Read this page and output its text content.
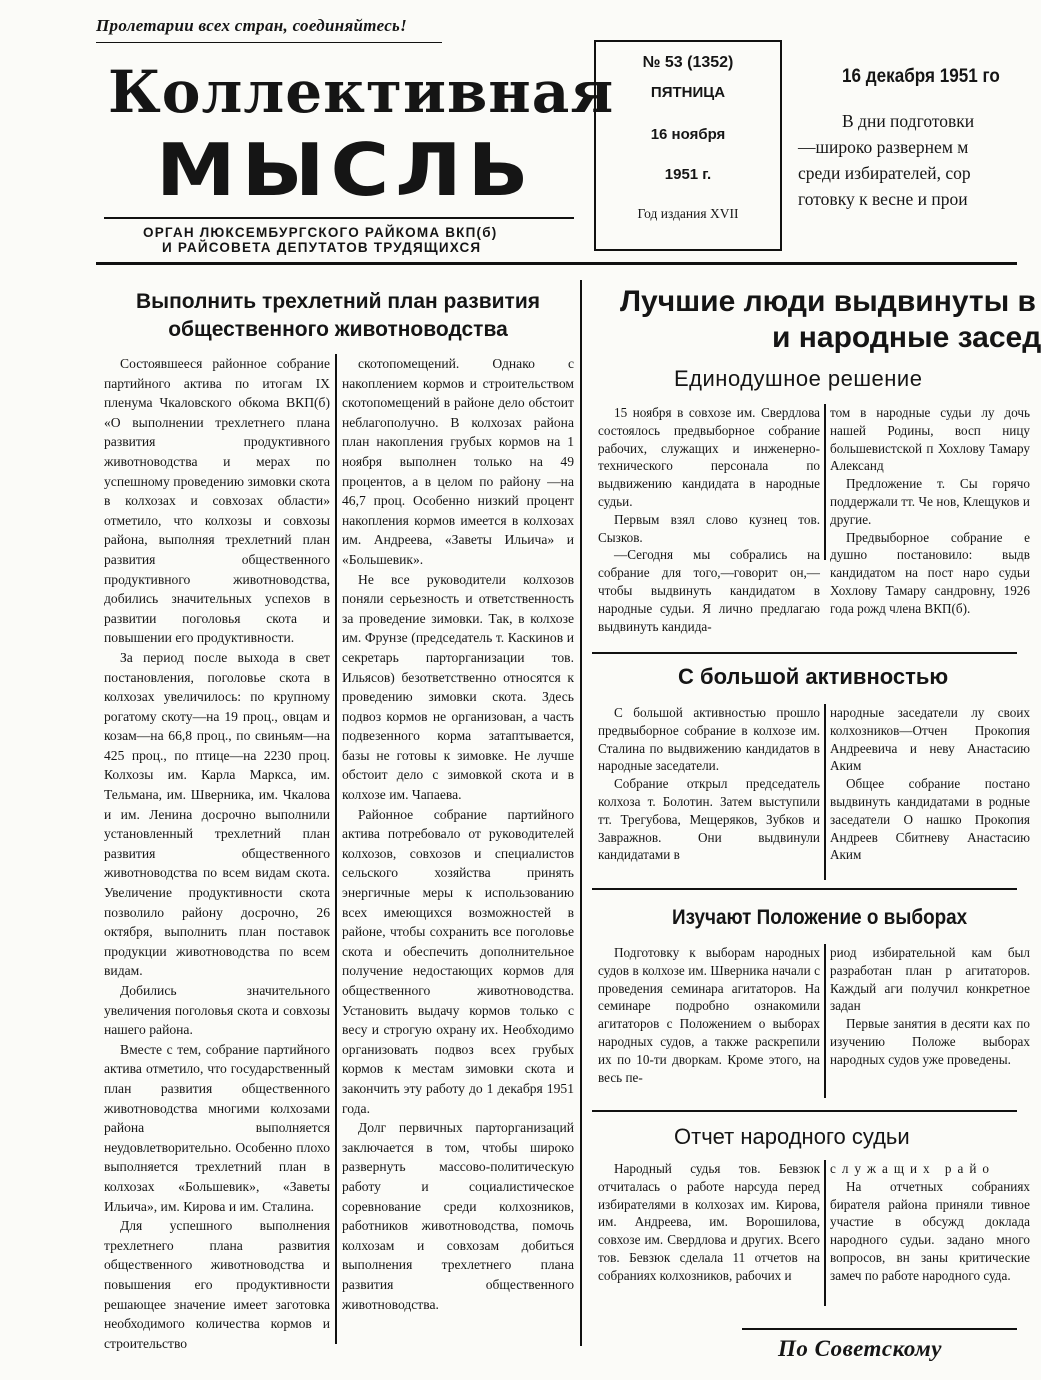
Пролетарии всех стран, соединяйтесь!
Коллективная
МЫСЛЬ
ОРГАН ЛЮКСЕМБУРГСКОГО РАЙКОМА ВКП(б)
И РАЙСОВЕТА ДЕПУТАТОВ ТРУДЯЩИХСЯ
№ 53 (1352)
ПЯТНИЦА
16 ноября
1951 г.
Год издания XVII
16 декабря 1951 го
В дни подготовки
—широко развернем м
среди избирателей, сор
готовку к весне и прои
Выполнить трехлетний план развития
общественного животноводства

Состоявшееся районное собрание партийного актива по итогам IX пленума Чкаловского обкома ВКП(б) «О выполнении трехлетнего плана развития продуктивного животноводства и мерах по успешному проведению зимовки скота в колхозах и совхозах области» отметило, что колхозы и совхозы района, выполняя трехлетний план развития общественного продуктивного животноводства, добились значительных успехов в развитии поголовья скота и повышении его продуктивности.

За период после выхода в свет постановления, поголовье скота в колхозах увеличилось: по крупному рогатому скоту—на 19 проц., овцам и козам—на 66,8 проц., по свиньям—на 425 проц., по птице—на 2230 проц. Колхозы им. Карла Маркса, им. Тельмана, им. Шверника, им. Чкалова и им. Ленина досрочно выполнили установленный трехлетний план развития общественного животноводства по всем видам скота. Увеличение продуктивности скота позволило району досрочно, 26 октября, выполнить план поставок продукции животноводства по всем видам.

Добились значительного увеличения поголовья скота и совхозы нашего района.

Вместе с тем, собрание партийного актива отметило, что государственный план развития общественного животноводства многими колхозами района выполняется неудовлетворительно. Особенно плохо выполняется трехлетний план в колхозах «Большевик», «Заветы Ильича», им. Кирова и им. Сталина.

Для успешного выполнения трехлетнего плана развития общественного животноводства и повышения его продуктивности решающее значение имеет заготовка необходимого количества кормов и строительство

скотопомещений. Однако с накоплением кормов и строительством скотопомещений в районе дело обстоит неблагополучно. В колхозах района план накопления грубых кормов на 1 ноября выполнен только на 49 процентов, а в целом по району —на 46,7 проц. Особенно низкий процент накопления кормов имеется в колхозах им. Андреева, «Заветы Ильича» и «Большевик».

Не все руководители колхозов поняли серьезность и ответственность за проведение зимовки. Так, в колхозе им. Фрунзе (председатель т. Каскинов и секретарь парторганизации тов. Ильясов) безответственно относятся к проведению зимовки скота. Здесь подвоз кормов не организован, а часть подвезенного корма затаптывается, базы не готовы к зимовке. Не лучше обстоит дело с зимовкой скота и в колхозе им. Чапаева.

Районное собрание партийного актива потребовало от руководителей колхозов, совхозов и специалистов сельского хозяйства принять энергичные меры к использованию всех имеющихся возможностей в районе, чтобы сохранить все поголовье скота и обеспечить дополнительное получение недостающих кормов для общественного животноводства. Установить выдачу кормов только с весу и строгую охрану их. Необходимо организовать подвоз всех грубых кормов к местам зимовки скота и закончить эту работу до 1 декабря 1951 года.

Долг первичных парторганизаций заключается в том, чтобы широко развернуть массово-политическую работу и социалистическое соревнование среди колхозников, работников животноводства, помочь колхозам и совхозам добиться выполнения трехлетнего плана развития общественного животноводства.

Лучшие люди выдвинуты в
и народные засед
Единодушное решение

15 ноября в совхозе им. Свердлова состоялось предвыборное собрание рабочих, служащих и инженерно-технического персонала по выдвижению кандидата в народные судьи.

Первым взял слово кузнец тов. Сызков.

—Сегодня мы собрались на собрание для того,—говорит он,—чтобы выдвинуть кандидатом в народные судьи. Я лично предлагаю выдвинуть кандида-

том в народные судьи лу дочь нашей Родины, восп ницу большевистской п Хохлову Тамару Александ

Предложение т. Сы горячо поддержали тт. Че нов, Клещуков и другие.

Предвыборное собрание е душно постановило: выдв кандидатом на пост наро судьи Хохлову Тамару сандровну, 1926 года рожд члена ВКП(б).

С большой активностью

С большой активностью прошло предвыборное собрание в колхозе им. Сталина по выдвижению кандидатов в народные заседатели.

Собрание открыл председатель колхоза т. Болотин. Затем выступили тт. Трегубова, Мещеряков, Зубков и Завражнов. Они выдвинули кандидатами в

народные заседатели лу своих колхозников—Отчен Прокопия Андреевича и неву Анастасию Аким

Общее собрание постано выдвинуть кандидатами в родные заседатели О нашко Прокопия Андреев Сбитневу Анастасию Аким

Изучают Положение о выборах

Подготовку к выборам народных судов в колхозе им. Шверника начали с проведения семинара агитаторов. На семинаре подробно ознакомили агитаторов с Положением о выборах народных судов, а также раскрепили их по 10-ти дворкам. Кроме этого, на весь пе-

риод избирательной кам был разработан план р агитаторов. Каждый аги получил конкретное задан

Первые занятия в десяти ках по изучению Положе выборах народных судов уже проведены.

Отчет народного судьи

Народный судья тов. Бевзюк отчиталась о работе нарсуда перед избирателями в колхозах им. Кирова, им. Андреева, им. Ворошилова, совхозе им. Свердлова и других. Всего тов. Бевзюк сделала 11 отчетов на собраниях колхозников, рабочих и

служащих райо

На отчетных собраниях бирателя района приняли тивное участие в обсужд доклада народного судьи. задано много вопросов, вн заны критические замеч по работе народного суда.

По Советскому
